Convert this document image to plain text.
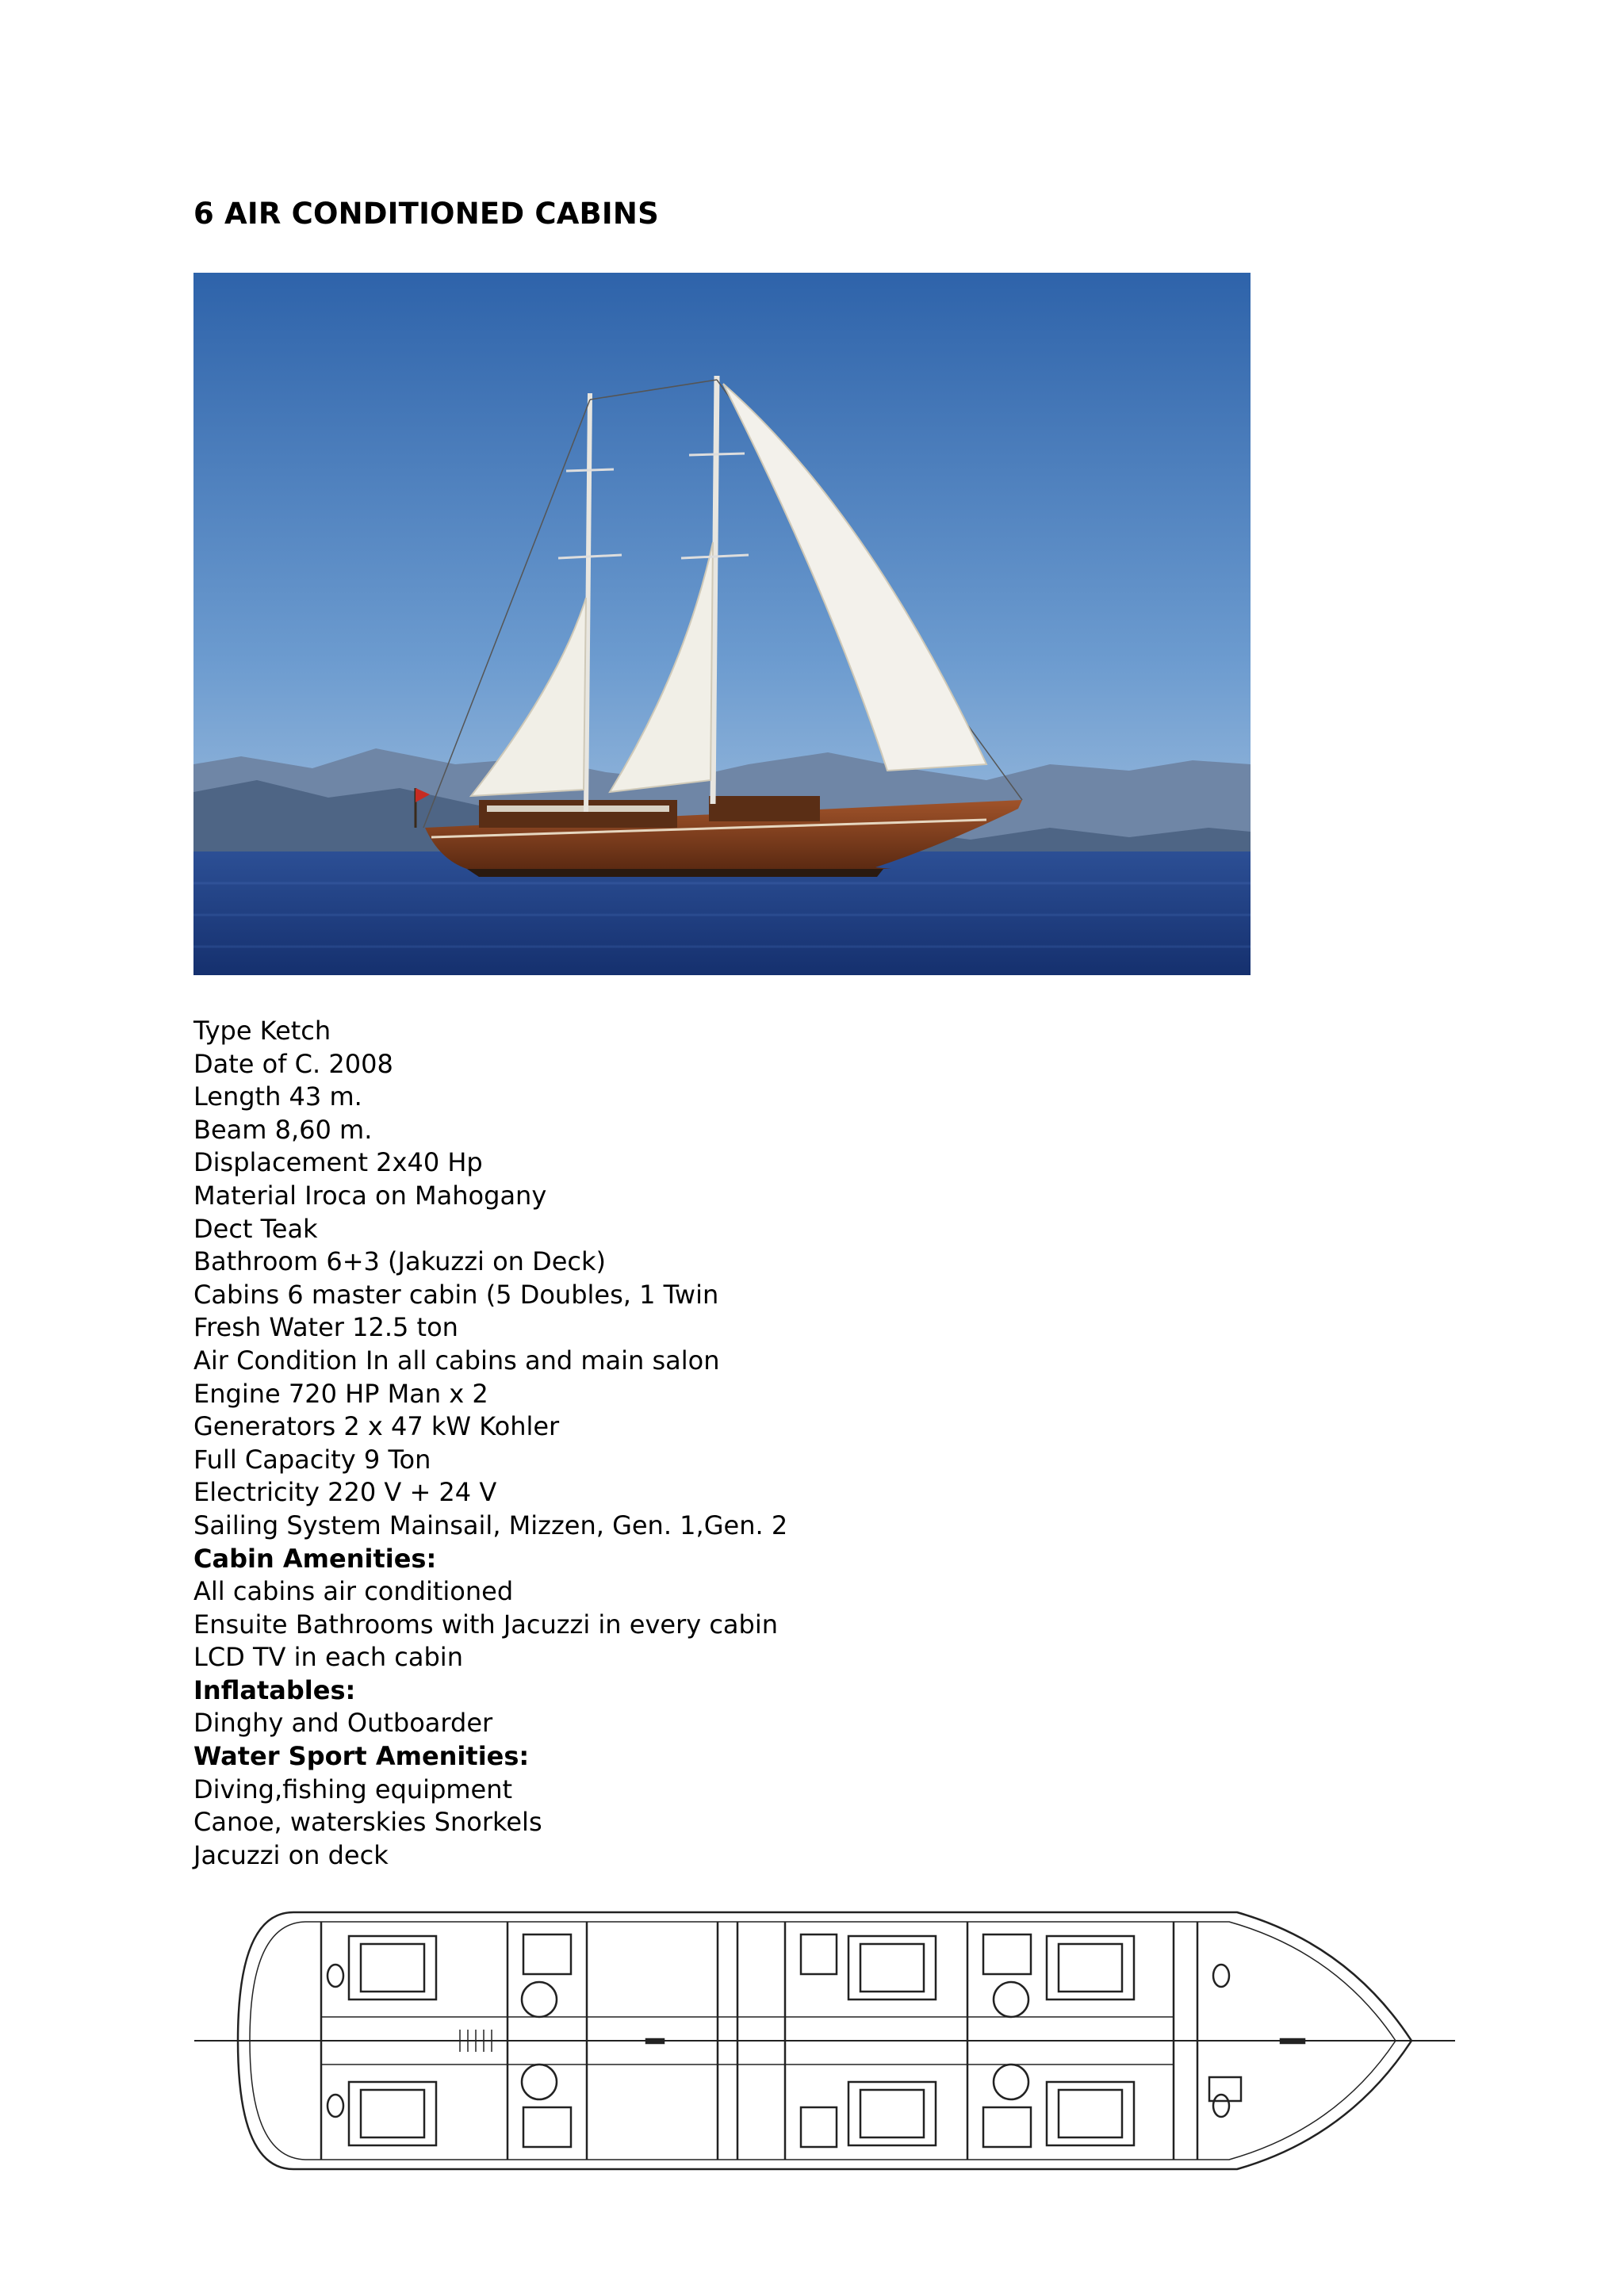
6 AIR CONDITIONED CABINS
Type Ketch
Date of C. 2008
Length 43 m.
Beam 8,60 m.
Displacement 2x40 Hp
Material Iroca on Mahogany
Dect Teak
Bathroom 6+3 (Jakuzzi on Deck)
Cabins 6 master cabin (5 Doubles, 1 Twin
Fresh Water 12.5 ton
Air Condition In all cabins and main salon
Engine 720 HP Man x 2
Generators 2 x 47 kW Kohler
Full Capacity 9 Ton
Electricity 220 V + 24 V
Sailing System Mainsail, Mizzen, Gen. 1,Gen. 2
Cabin Amenities:
All cabins air conditioned
Ensuite Bathrooms with Jacuzzi in every cabin
LCD TV in each cabin
Inflatables:
Dinghy and Outboarder
Water Sport Amenities:
Diving,fishing equipment
Canoe, waterskies Snorkels
Jacuzzi on deck
